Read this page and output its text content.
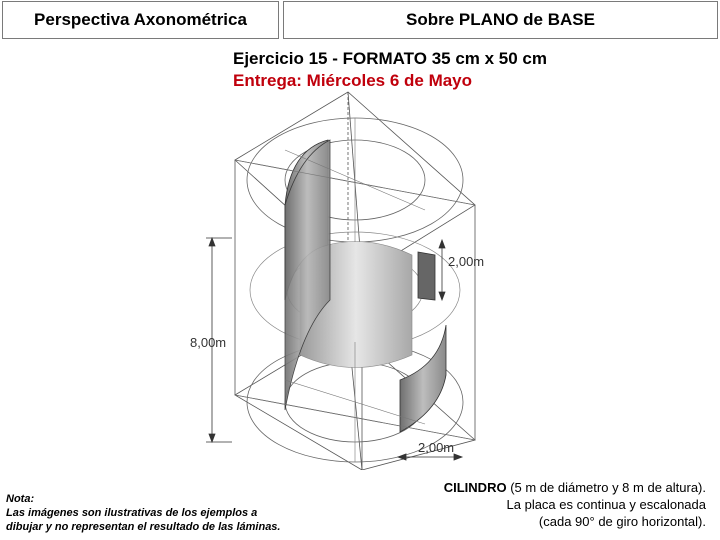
Perspectiva Axonométrica	Sobre PLANO de BASE
Ejercicio 15 - FORMATO 35 cm x 50 cm
Entrega: Miércoles 6 de Mayo
8,00m
2,00m
2,00m
Nota:
Las imágenes son ilustrativas de los ejemplos a
dibujar y no representan el resultado de las láminas.
CILINDRO (5 m de diámetro y 8 m de altura).
La placa es continua y escalonada
(cada 90° de giro horizontal).
